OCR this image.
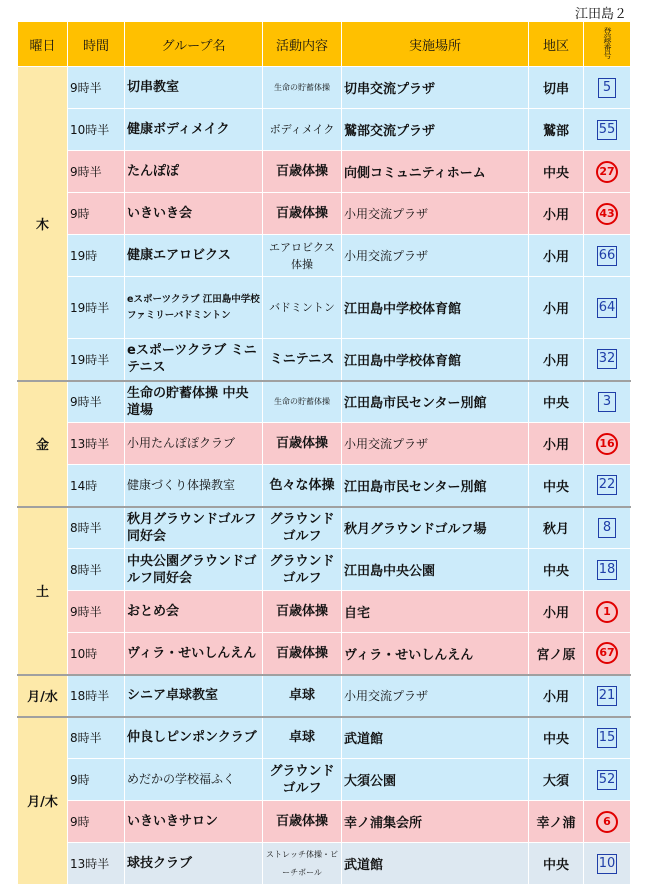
江田島２
曜日	時間	グループ名	活動内容	実施場所	地区	登録番号
木	9時半	切串教室	生命の貯蓄体操	切串交流プラザ	切串	5
	10時半	健康ボディメイク	ボディメイク	鷲部交流プラザ	鷲部	55
	9時半	たんぽぽ	百歳体操	向側コミュニティホーム	中央	27
	9時	いきいき会	百歳体操	小用交流プラザ	小用	43
	19時	健康エアロビクス	エアロビクス体操	小用交流プラザ	小用	66
	19時半	eスポーツクラブ 江田島中学校ファミリーバドミントン	バドミントン	江田島中学校体育館	小用	64
	19時半	eスポーツクラブ ミニテニス	ミニテニス	江田島中学校体育館	小用	32
金	9時半	生命の貯蓄体操 中央道場	生命の貯蓄体操	江田島市民センター別館	中央	3
	13時半	小用たんぽぽクラブ	百歳体操	小用交流プラザ	小用	16
	14時	健康づくり体操教室	色々な体操	江田島市民センター別館	中央	22
土	8時半	秋月グラウンドゴルフ同好会	グラウンド ゴルフ	秋月グラウンドゴルフ場	秋月	8
	8時半	中央公園グラウンドゴルフ同好会	グラウンド ゴルフ	江田島中央公園	中央	18
	9時半	おとめ会	百歳体操	自宅	小用	1
	10時	ヴィラ・せいしんえん	百歳体操	ヴィラ・せいしんえん	宮ノ原	67
月/水	18時半	シニア卓球教室	卓球	小用交流プラザ	小用	21
月/木	8時半	仲良しピンポンクラブ	卓球	武道館	中央	15
	9時	めだかの学校福ふく	グラウンド ゴルフ	大須公園	大須	52
	9時	いきいきサロン	百歳体操	幸ノ浦集会所	幸ノ浦	6
	13時半	球技クラブ	ストレッチ体操・ビーチボール	武道館	中央	10
